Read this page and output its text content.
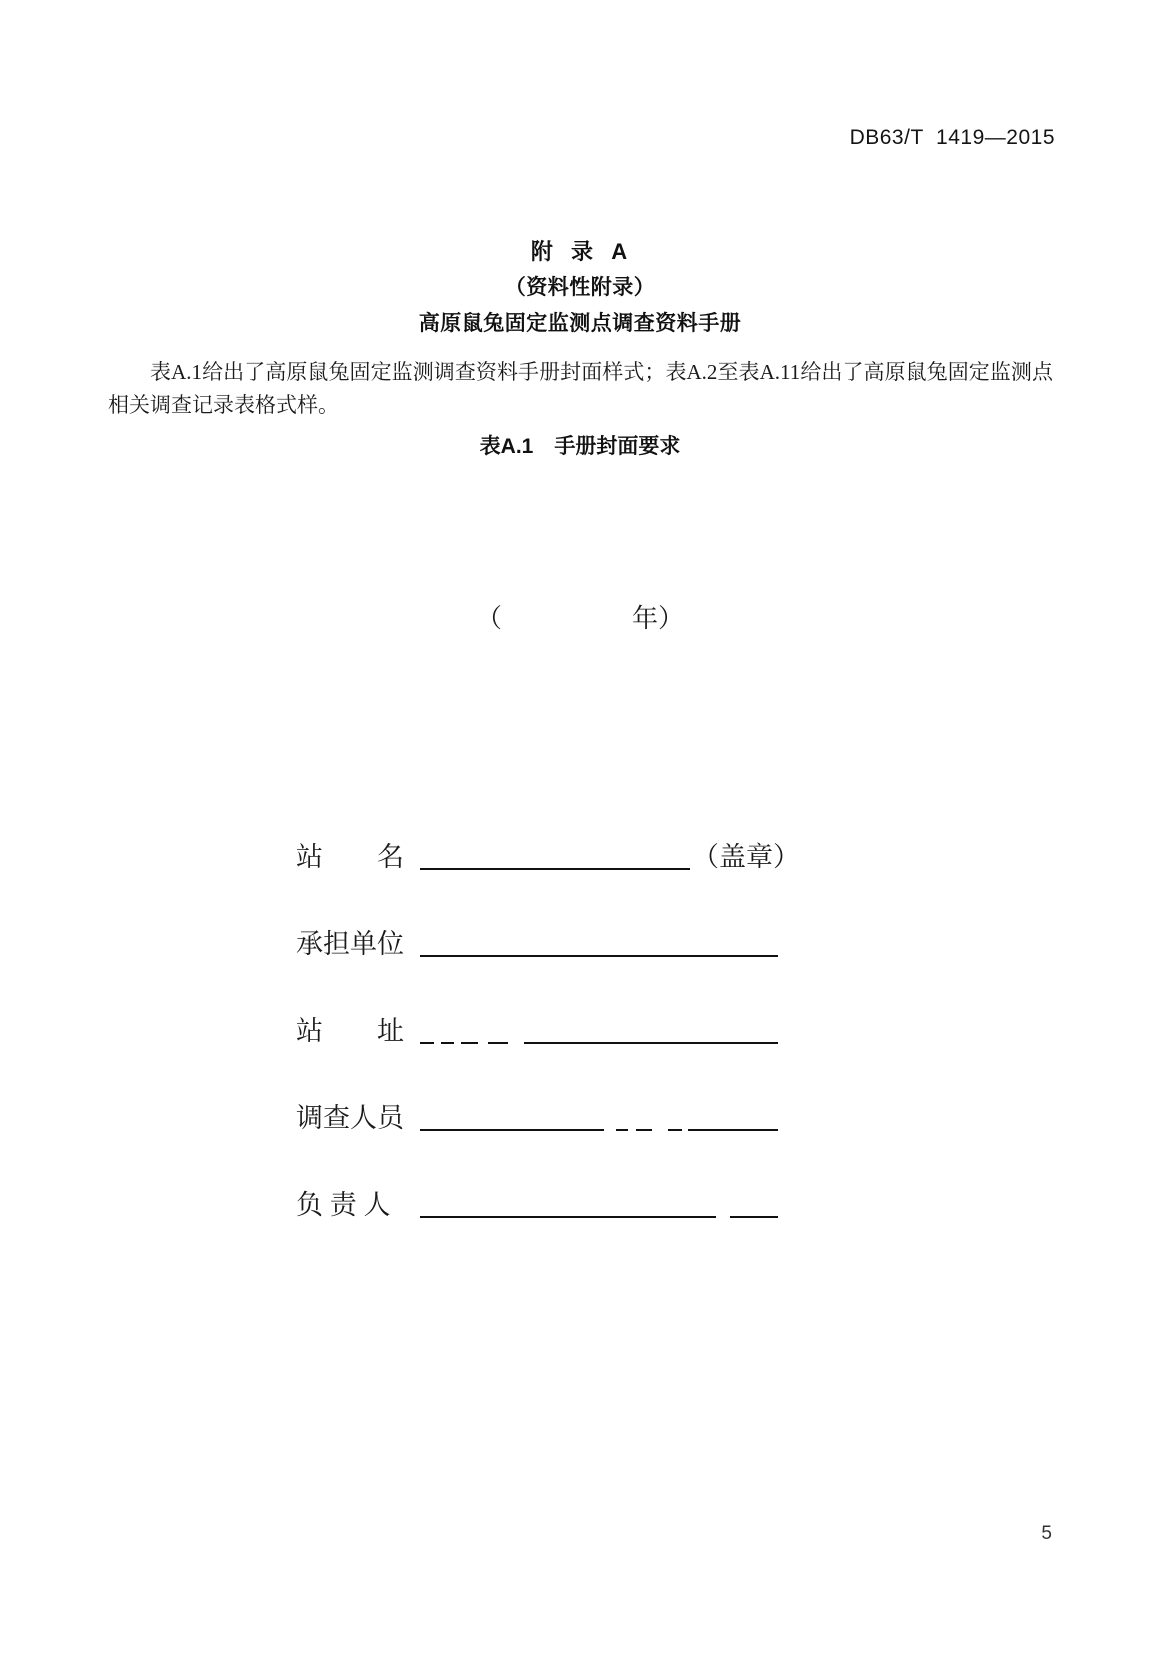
DB63/T  1419—2015
附  录  A
（资料性附录）
高原鼠兔固定监测点调查资料手册
表A.1给出了高原鼠兔固定监测调查资料手册封面样式；表A.2至表A.11给出了高原鼠兔固定监测点相关调查记录表格式样。
表A.1　手册封面要求
（　　　　　年）
站　　名	（盖章）
承担单位
站　　址
调查人员
负 责 人
5
